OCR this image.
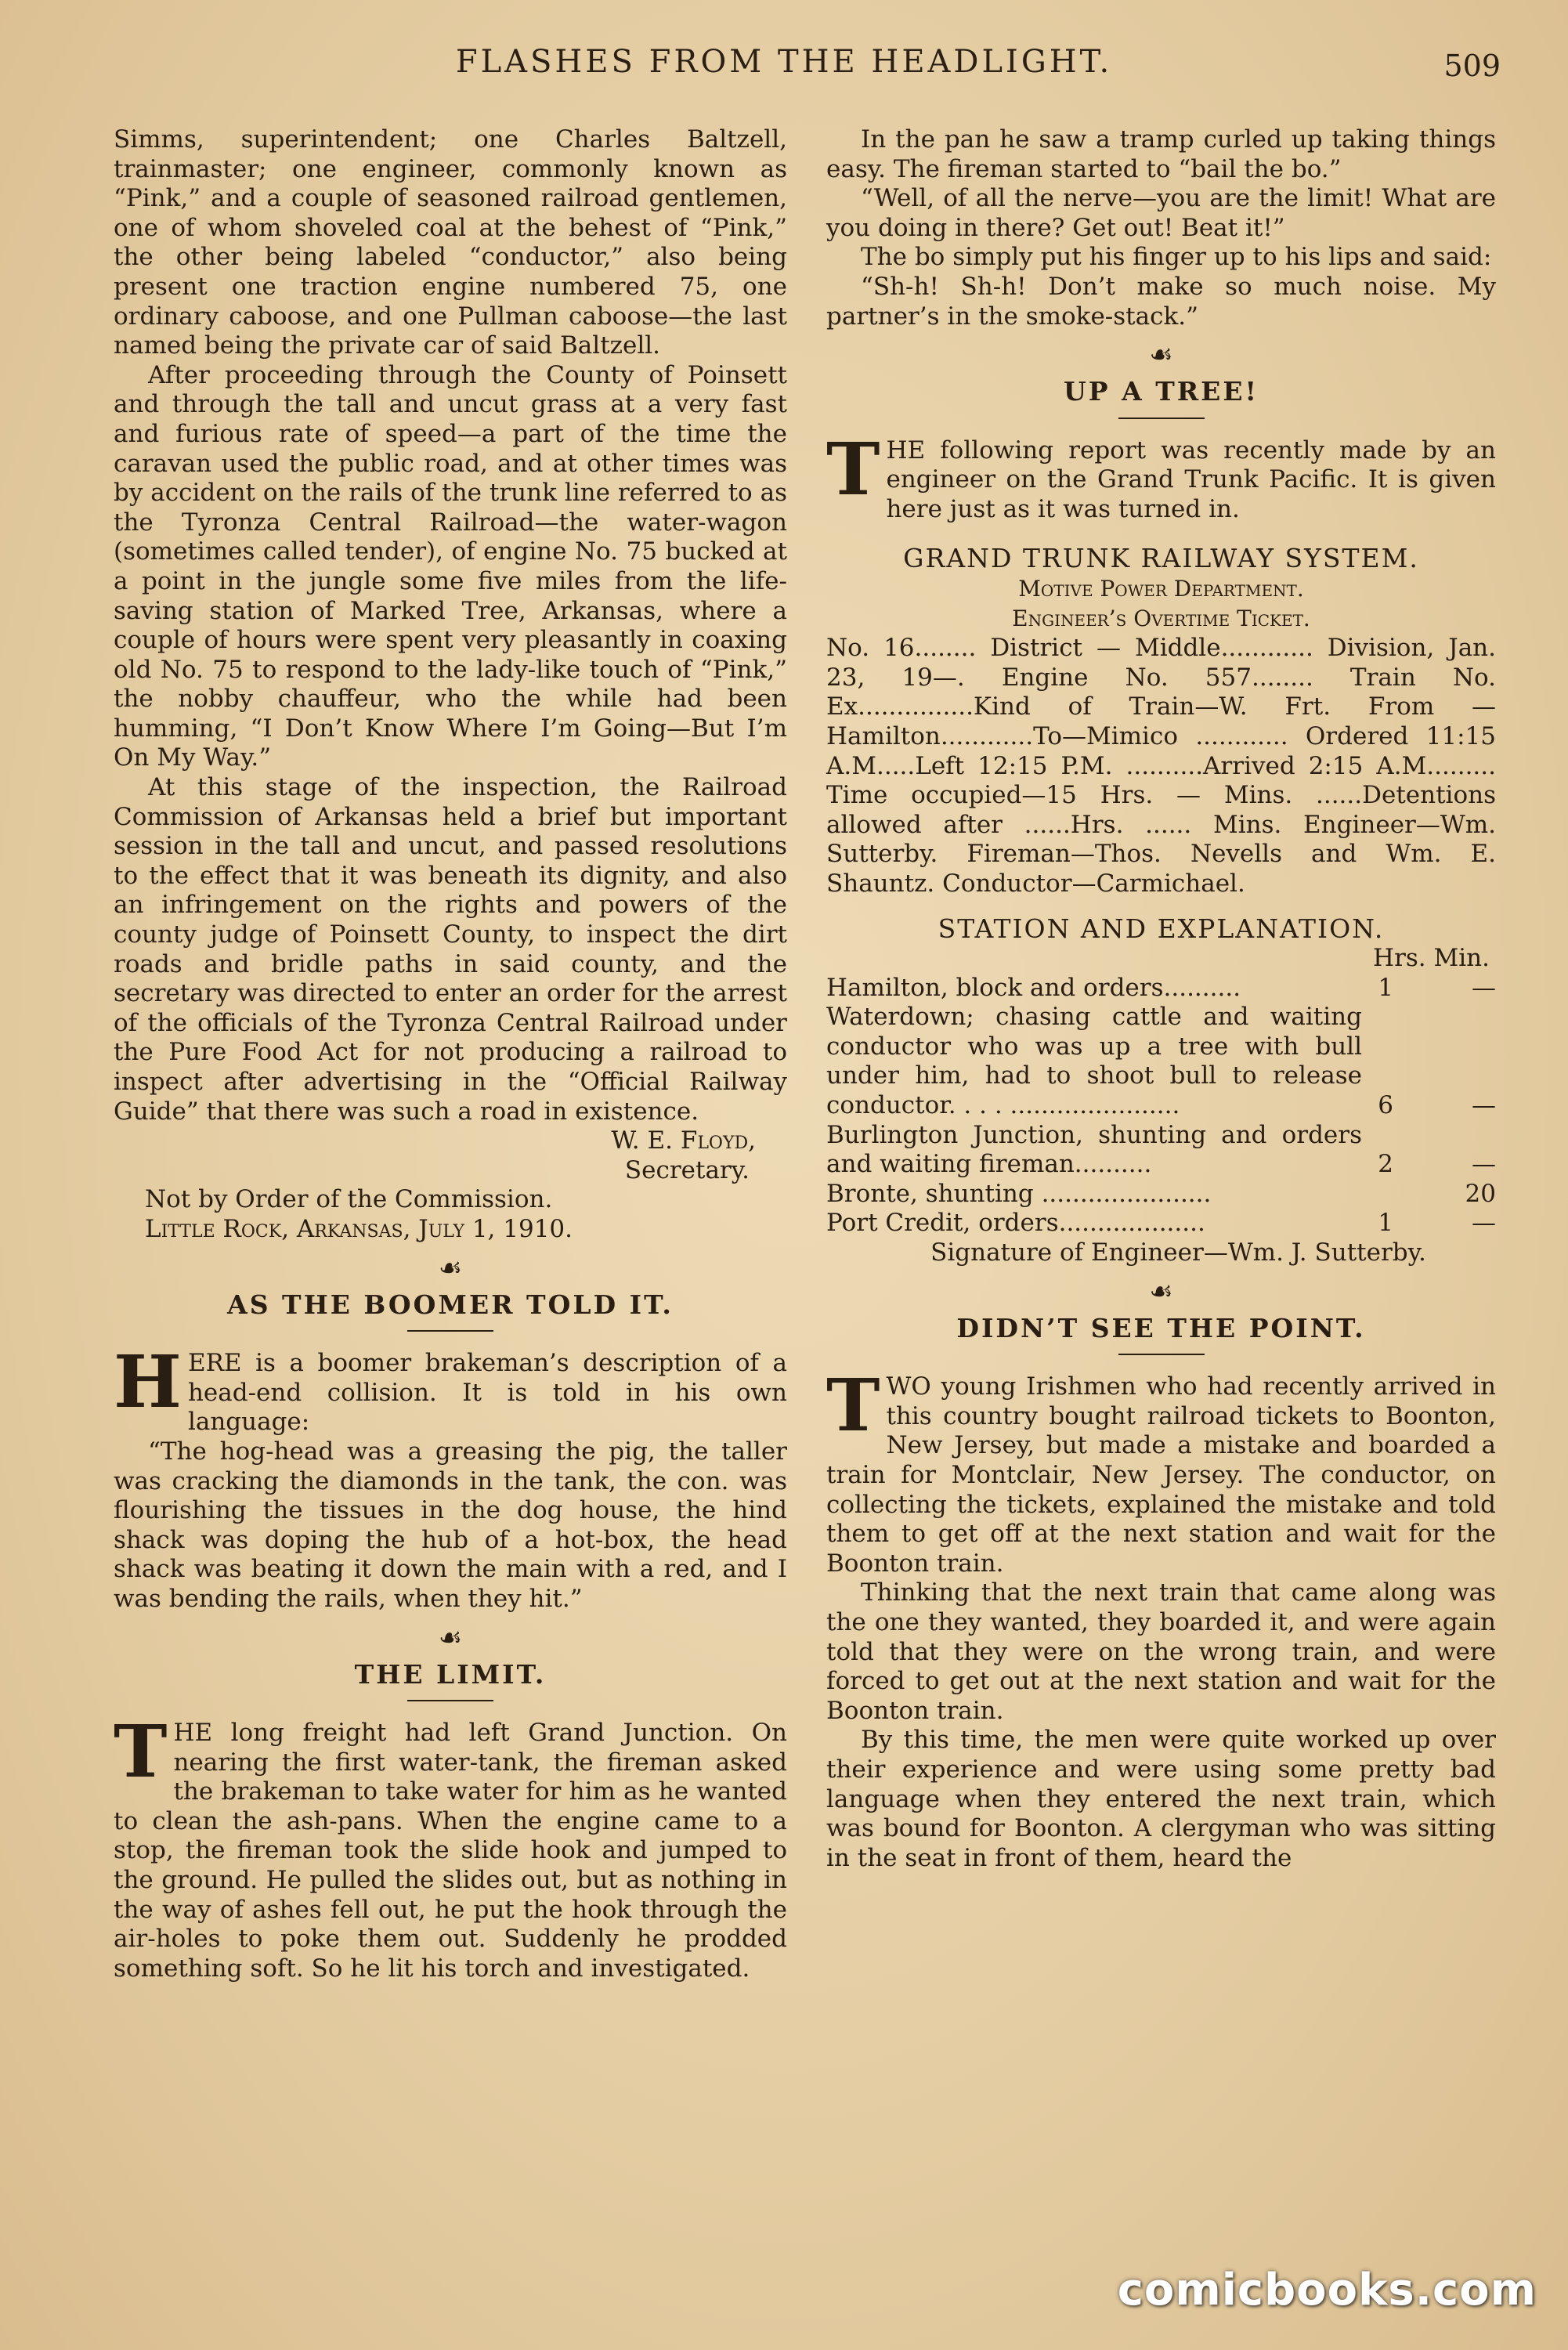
FLASHES FROM THE HEADLIGHT.	509

Simms, superintendent; one Charles Baltzell, trainmaster; one engineer, commonly known as “Pink,” and a couple of seasoned railroad gentlemen, one of whom shoveled coal at the behest of “Pink,” the other being labeled “conductor,” also being present one traction engine numbered 75, one ordinary caboose, and one Pullman caboose—the last named being the private car of said Baltzell.

After proceeding through the County of Poinsett and through the tall and uncut grass at a very fast and furious rate of speed—a part of the time the caravan used the public road, and at other times was by accident on the rails of the trunk line referred to as the Tyronza Central Railroad—the water-wagon (sometimes called tender), of engine No. 75 bucked at a point in the jungle some five miles from the life-saving station of Marked Tree, Arkansas, where a couple of hours were spent very pleasantly in coaxing old No. 75 to respond to the lady-like touch of “Pink,” the nobby chauffeur, who the while had been humming, “I Don’t Know Where I’m Going—But I’m On My Way.”

At this stage of the inspection, the Railroad Commission of Arkansas held a brief but important session in the tall and uncut, and passed resolutions to the effect that it was beneath its dignity, and also an infringement on the rights and powers of the county judge of Poinsett County, to inspect the dirt roads and bridle paths in said county, and the secretary was directed to enter an order for the arrest of the officials of the Tyronza Central Railroad under the Pure Food Act for not producing a railroad to inspect after advertising in the “Official Railway Guide” that there was such a road in existence.

W. E. Floyd,

Secretary.

Not by Order of the Commission.

Little Rock, Arkansas, July 1, 1910.

☙
AS THE BOOMER TOLD IT.

HERE is a boomer brakeman’s description of a head-end collision. It is told in his own language:

“The hog-head was a greasing the pig, the taller was cracking the diamonds in the tank, the con. was flourishing the tissues in the dog house, the hind shack was doping the hub of a hot-box, the head shack was beating it down the main with a red, and I was bending the rails, when they hit.”

☙
THE LIMIT.

THE long freight had left Grand Junction. On nearing the first water-tank, the fireman asked the brakeman to take water for him as he wanted to clean the ash-pans. When the engine came to a stop, the fireman took the slide hook and jumped to the ground. He pulled the slides out, but as nothing in the way of ashes fell out, he put the hook through the air-holes to poke them out. Suddenly he prodded something soft. So he lit his torch and investigated.

In the pan he saw a tramp curled up taking things easy. The fireman started to “bail the bo.”

“Well, of all the nerve—you are the limit! What are you doing in there? Get out! Beat it!”

The bo simply put his finger up to his lips and said:

“Sh-h! Sh-h! Don’t make so much noise. My partner’s in the smoke-stack.”

☙
UP A TREE!

THE following report was recently made by an engineer on the Grand Trunk Pacific. It is given here just as it was turned in.

GRAND TRUNK RAILWAY SYSTEM.
Motive Power Department.
Engineer’s Overtime Ticket.

No. 16........ District — Middle............ Division, Jan. 23, 19—. Engine No. 557........ Train No. Ex...............Kind of Train—W. Frt. From — Hamilton............To—Mimico ............ Ordered 11:15 A.M.....Left 12:15 P.M. ..........Arrived 2:15 A.M......... Time occupied—15 Hrs. — Mins. ......Detentions allowed after ......Hrs. ...... Mins. Engineer—Wm. Sutterby. Fireman—Thos. Nevells and Wm. E. Shauntz. Conductor—Carmichael.

STATION AND EXPLANATION.

Hrs. Min.

Hamilton, block and orders..........	1	—
Waterdown; chasing cattle and waiting conductor who was up a tree with bull under him, had to shoot bull to release conductor. . . . ......................	6	—
Burlington Junction, shunting and orders and waiting fireman..........	2	—
Bronte, shunting ......................		20
Port Credit, orders...................	1	—

Signature of Engineer—Wm. J. Sutterby.

☙
DIDN’T SEE THE POINT.

TWO young Irishmen who had recently arrived in this country bought railroad tickets to Boonton, New Jersey, but made a mistake and boarded a train for Montclair, New Jersey. The conductor, on collecting the tickets, explained the mistake and told them to get off at the next station and wait for the Boonton train.

Thinking that the next train that came along was the one they wanted, they boarded it, and were again told that they were on the wrong train, and were forced to get out at the next station and wait for the Boonton train.

By this time, the men were quite worked up over their experience and were using some pretty bad language when they entered the next train, which was bound for Boonton. A clergyman who was sitting in the seat in front of them, heard the

comicbooks.com
